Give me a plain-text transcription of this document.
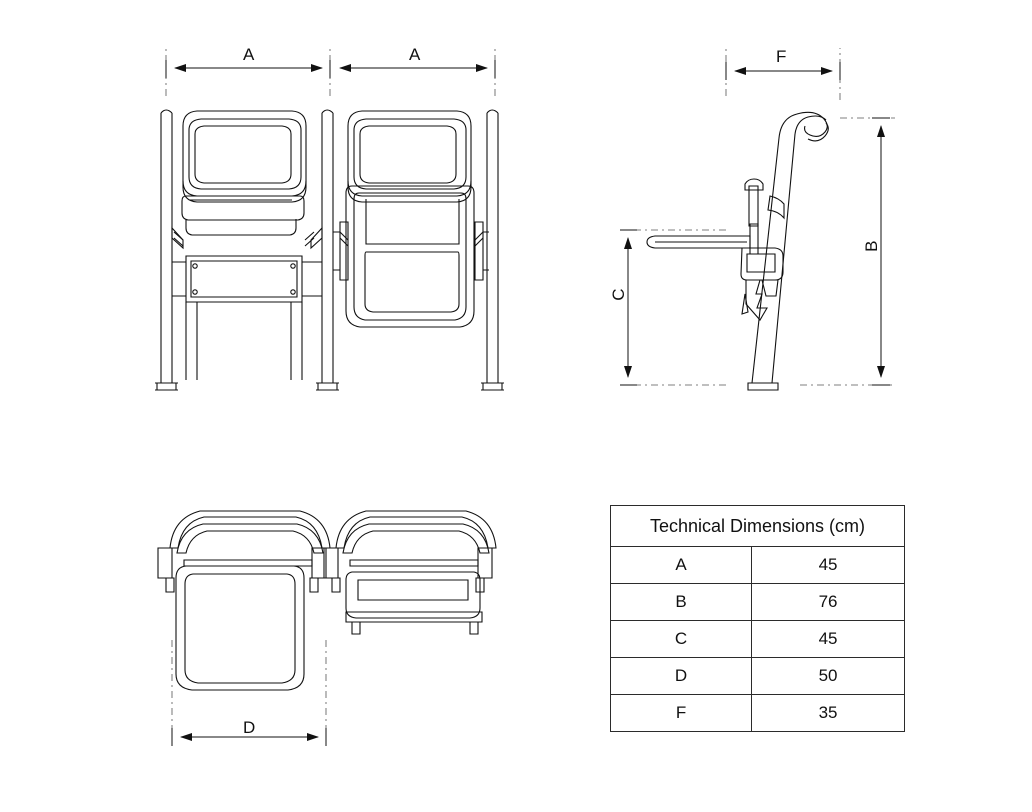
A	A	F
B
C
D
Technical Dimensions (cm)	
A	45
B	76
C	45
D	50
F	35
